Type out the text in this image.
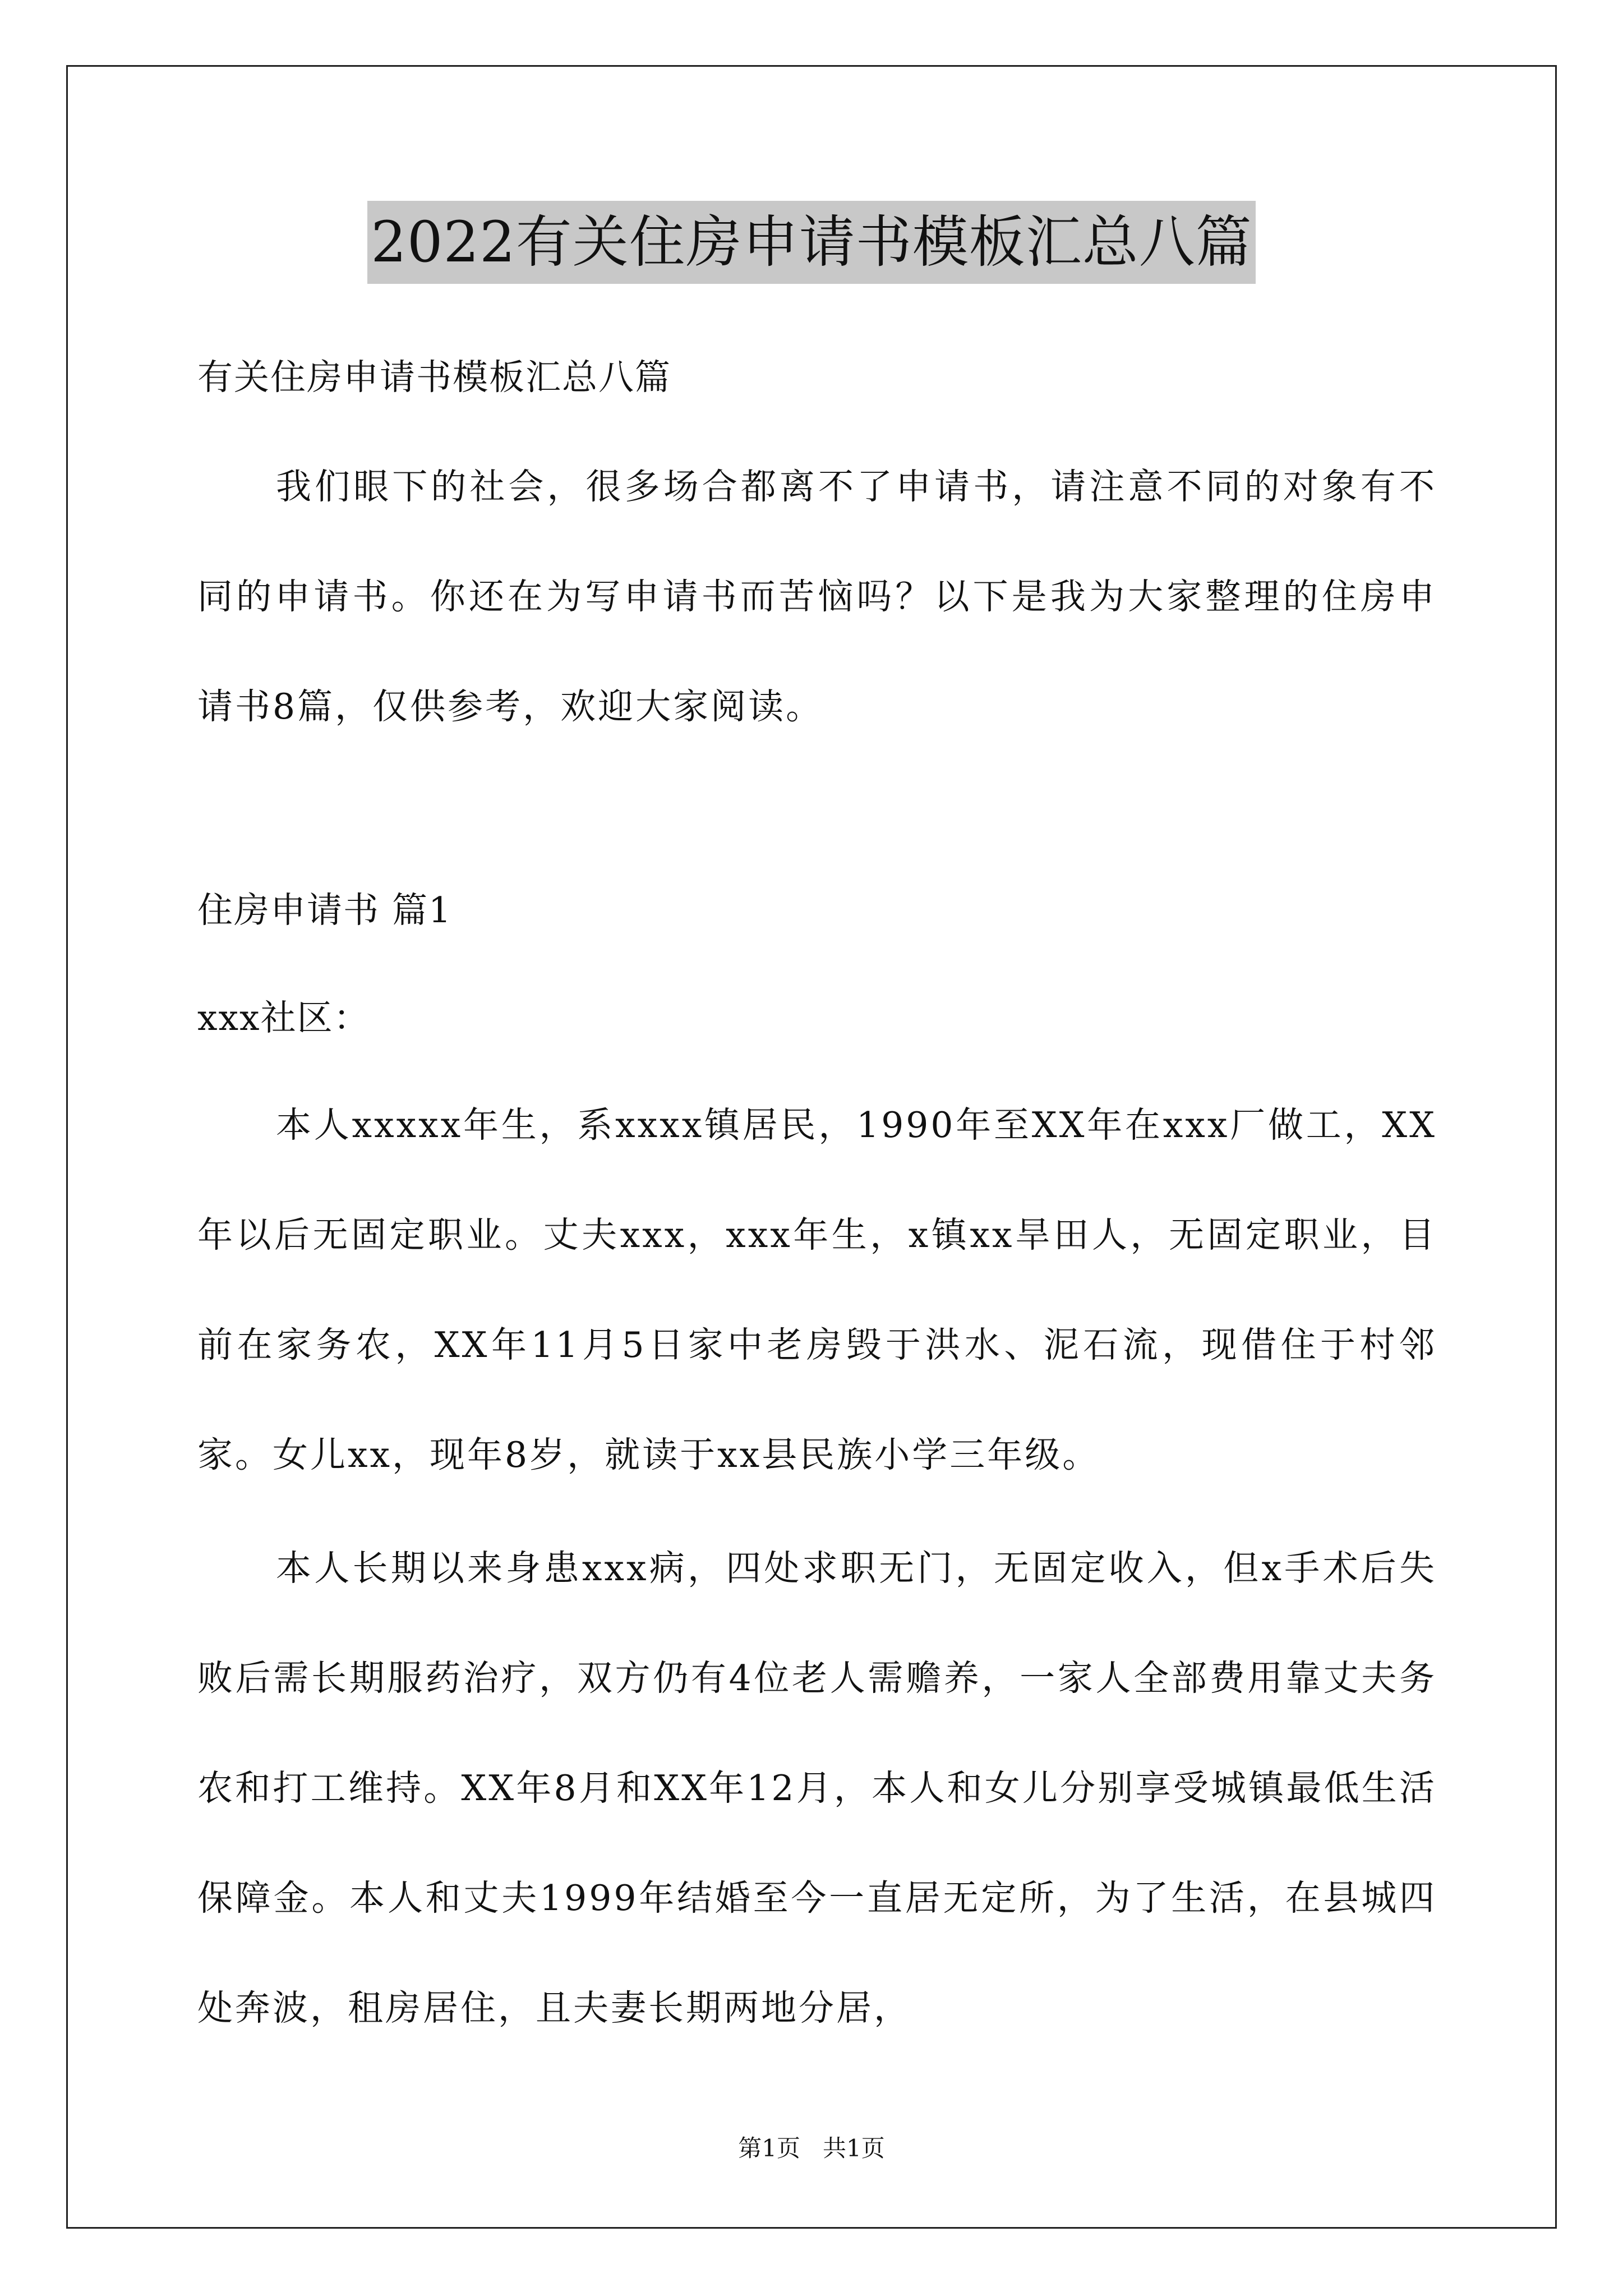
2022有关住房申请书模板汇总八篇

有关住房申请书模板汇总八篇

我们眼下的社会，很多场合都离不了申请书，请注意不同的对象有不同的申请书。你还在为写申请书而苦恼吗？以下是我为大家整理的住房申请书8篇，仅供参考，欢迎大家阅读。

住房申请书 篇1

xxx社区：

本人xxxxx年生，系xxxx镇居民，1990年至XX年在xxx厂做工，XX年以后无固定职业。丈夫xxx，xxx年生，x镇xx旱田人，无固定职业，目前在家务农，XX年11月5日家中老房毁于洪水、泥石流，现借住于村邻家。女儿xx，现年8岁，就读于xx县民族小学三年级。

本人长期以来身患xxx病，四处求职无门，无固定收入，但x手术后失败后需长期服药治疗，双方仍有4位老人需赡养，一家人全部费用靠丈夫务农和打工维持。XX年8月和XX年12月，本人和女儿分别享受城镇最低生活保障金。本人和丈夫1999年结婚至今一直居无定所，为了生活，在县城四处奔波，租房居住，且夫妻长期两地分居，

第1页   共1页
